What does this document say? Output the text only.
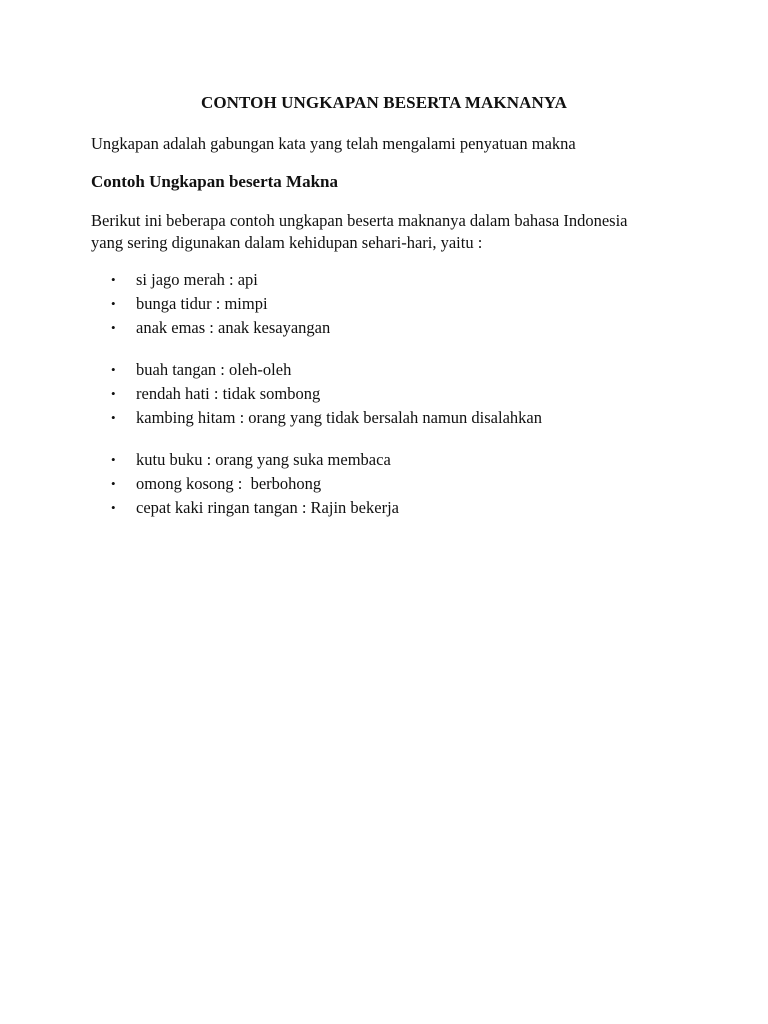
CONTOH UNGKAPAN BESERTA MAKNANYA

Ungkapan adalah gabungan kata yang telah mengalami penyatuan makna

Contoh Ungkapan beserta Makna

Berikut ini beberapa contoh ungkapan beserta maknanya dalam bahasa Indonesia
yang sering digunakan dalam kehidupan sehari-hari, yaitu :

• si jago merah : api
• bunga tidur : mimpi
• anak emas : anak kesayangan
• buah tangan : oleh-oleh
• rendah hati : tidak sombong
• kambing hitam : orang yang tidak bersalah namun disalahkan
• kutu buku : orang yang suka membaca
• omong kosong :  berbohong
• cepat kaki ringan tangan : Rajin bekerja
